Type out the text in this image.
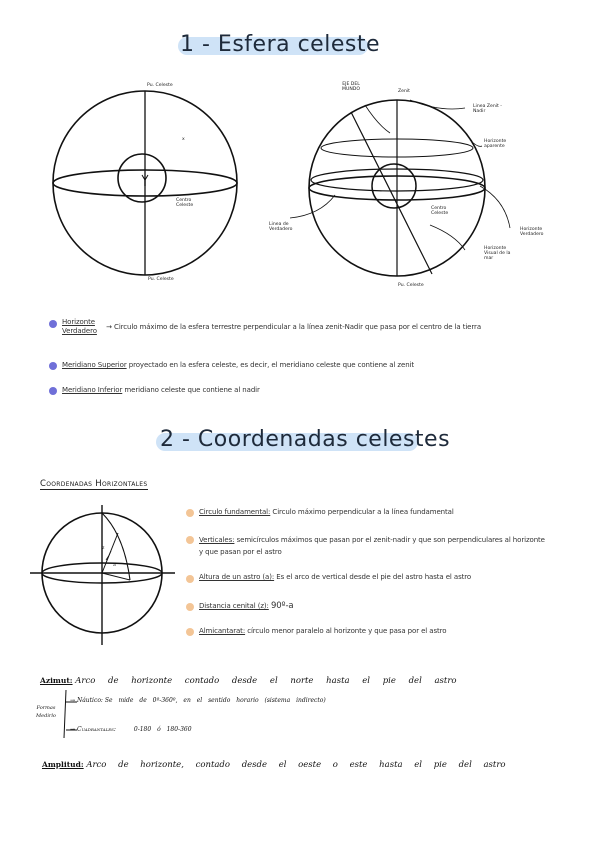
1 - Esfera celeste
Pu. Celeste
x
Centro Celeste
Pu. Celeste
EJE DEL MUNDO	Zenit
Linea Zenit - Nadir
Horizonte aparente
Centro Celeste
Linea de Verdadero	Horizonte Verdadero
Horizonte Visual de la mar
Pu. Celeste
Horizonte Verdadero → Circulo máximo de la esfera terrestre perpendicular a la línea zenit-Nadir que pasa por el centro de la tierra
Meridiano Superior proyectado en la esfera celeste, es decir, el meridiano celeste que contiene al zenit
Meridiano Inferior meridiano celeste que contiene al nadir
2 - Coordenadas celestes
Coordenadas Horizontales
z
a
Circulo fundamental: Circulo máximo perpendicular a la línea fundamental
Verticales: semicírculos máximos que pasan por el zenit-nadir y que son perpendiculares al horizonte y que pasan por el astro
Altura de un astro (a): Es el arco de vertical desde el pie del astro hasta el astro
Distancia cenital (z): 90º-a
Almicantarat: círculo menor paralelo al horizonte y que pasa por el astro
Azimut: Arco de horizonte contado desde el norte hasta el pie del astro
Formas Medirlo
→ Náutico: Se mide de 0º-360º, en el sentido horario (sistema indirecto)
→ Cuadrantales:	0-180 ó 180-360
Amplitud: Arco de horizonte, contado desde el oeste o este hasta el pie del astro
